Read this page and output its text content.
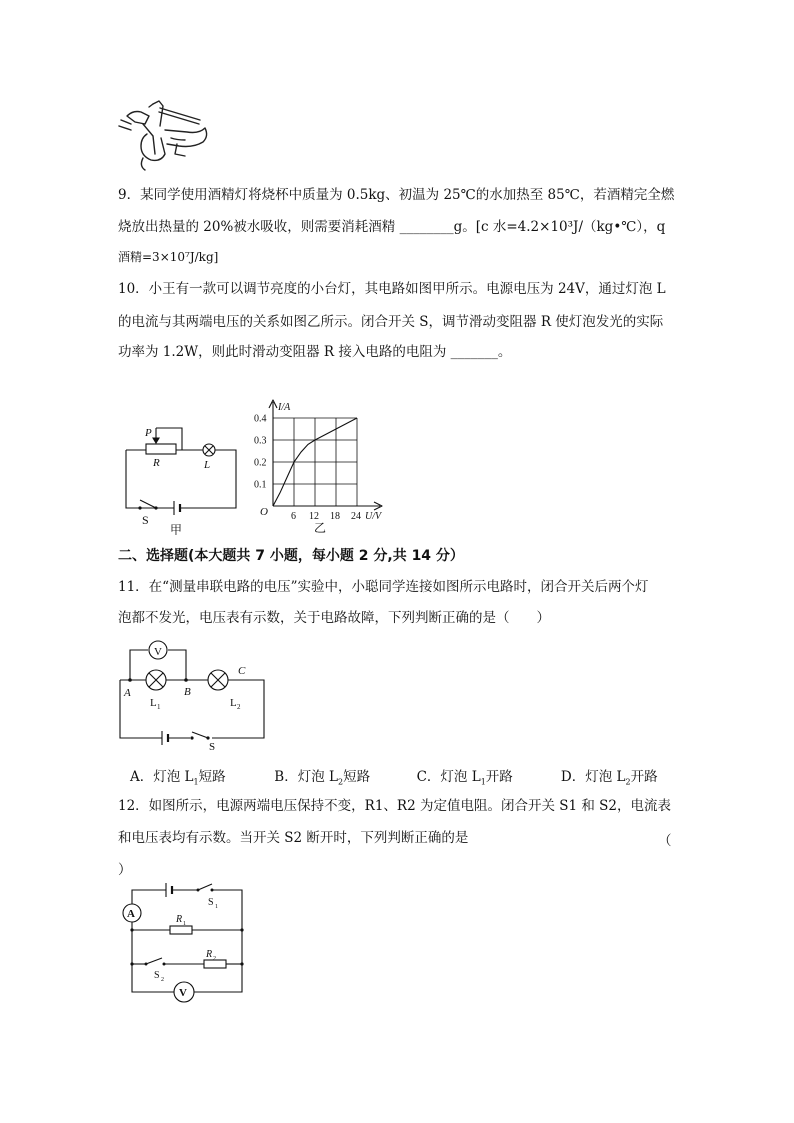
9．某同学使用酒精灯将烧杯中质量为 0.5kg、初温为 25℃的水加热至 85℃，若酒精完全燃
烧放出热量的 20%被水吸收，则需要消耗酒精 ________g。[c 水=4.2×10³J/（kg•℃），q
酒精=3×10⁷J/kg]
10．小王有一款可以调节亮度的小台灯，其电路如图甲所示。电源电压为 24V，通过灯泡 L
的电流与其两端电压的关系如图乙所示。闭合开关 S，调节滑动变阻器 R 使灯泡发光的实际
功率为 1.2W，则此时滑动变阻器 R 接入电路的电阻为 _______。
P
R	L
S
甲
6 12 18 24
0.1
0.2
0.3
0.4
I/A
U/V
O
乙
二、选择题(本大题共 7 小题，每小题 2 分,共 14 分）
11．在“测量串联电路的电压”实验中，小聪同学连接如图所示电路时，闭合开关后两个灯
泡都不发光，电压表有示数，关于电路故障，下列判断正确的是（　　）
V
A	B
C
L 1	L 2
S
A．灯泡 $L_1$短路	B．灯泡 $L_2$短路	C．灯泡 $L_1$开路	D．灯泡 $L_2$开路
12．如图所示，电源两端电压保持不变，R1、R2 为定值电阻。闭合开关 S1 和 S2，电流表
和电压表均有示数。当开关 S2 断开时，下列判断正确的是	（
）
A
V
R 1
R 2
S 1
S 2
